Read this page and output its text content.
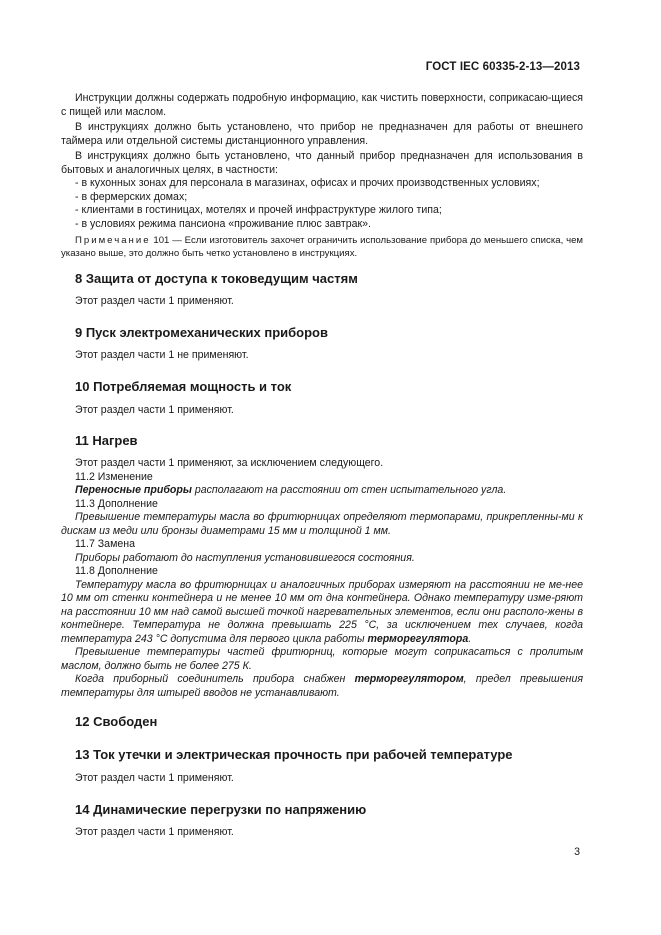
ГОСТ IEC 60335-2-13—2013

Инструкции должны содержать подробную информацию, как чистить поверхности, соприкасаю-щиеся с пищей или маслом.

В инструкциях должно быть установлено, что прибор не предназначен для работы от внешнего таймера или отдельной системы дистанционного управления.

В инструкциях должно быть установлено, что данный прибор предназначен для использования в бытовых и аналогичных целях, в частности:

- в кухонных зонах для персонала в магазинах, офисах и прочих производственных условиях;

- в фермерских домах;

- клиентами в гостиницах, мотелях и прочей инфраструктуре жилого типа;

- в условиях режима пансиона «проживание плюс завтрак».

Примечание 101 — Если изготовитель захочет ограничить использование прибора до меньшего списка, чем указано выше, это должно быть четко установлено в инструкциях.

8 Защита от доступа к токоведущим частям

Этот раздел части 1 применяют.

9 Пуск электромеханических приборов

Этот раздел части 1 не применяют.

10 Потребляемая мощность и ток

Этот раздел части 1 применяют.

11 Нагрев

Этот раздел части 1 применяют, за исключением следующего.

11.2 Изменение

Переносные приборы располагают на расстоянии от стен испытательного угла.

11.3 Дополнение

Превышение температуры масла во фритюрницах определяют термопарами, прикрепленны-ми к дискам из меди или бронзы диаметрами 15 мм и толщиной 1 мм.

11.7 Замена

Приборы работают до наступления установившегося состояния.

11.8 Дополнение

Температуру масла во фритюрницах и аналогичных приборах измеряют на расстоянии не ме-нее 10 мм от стенки контейнера и не менее 10 мм от дна контейнера. Однако температуру изме-ряют на расстоянии 10 мм над самой высшей точкой нагревательных элементов, если они располо-жены в контейнере. Температура не должна превышать 225 °С, за исключением тех случаев, когда температура 243 °С допустима для первого цикла работы терморегулятора.

Превышение температуры частей фритюрниц, которые могут соприкасаться с пролитым маслом, должно быть не более 275 К.

Когда приборный соединитель прибора снабжен терморегулятором, предел превышения температуры для штырей вводов не устанавливают.

12 Свободен

13 Ток утечки и электрическая прочность при рабочей температуре

Этот раздел части 1 применяют.

14 Динамические перегрузки по напряжению

Этот раздел части 1 применяют.

3
